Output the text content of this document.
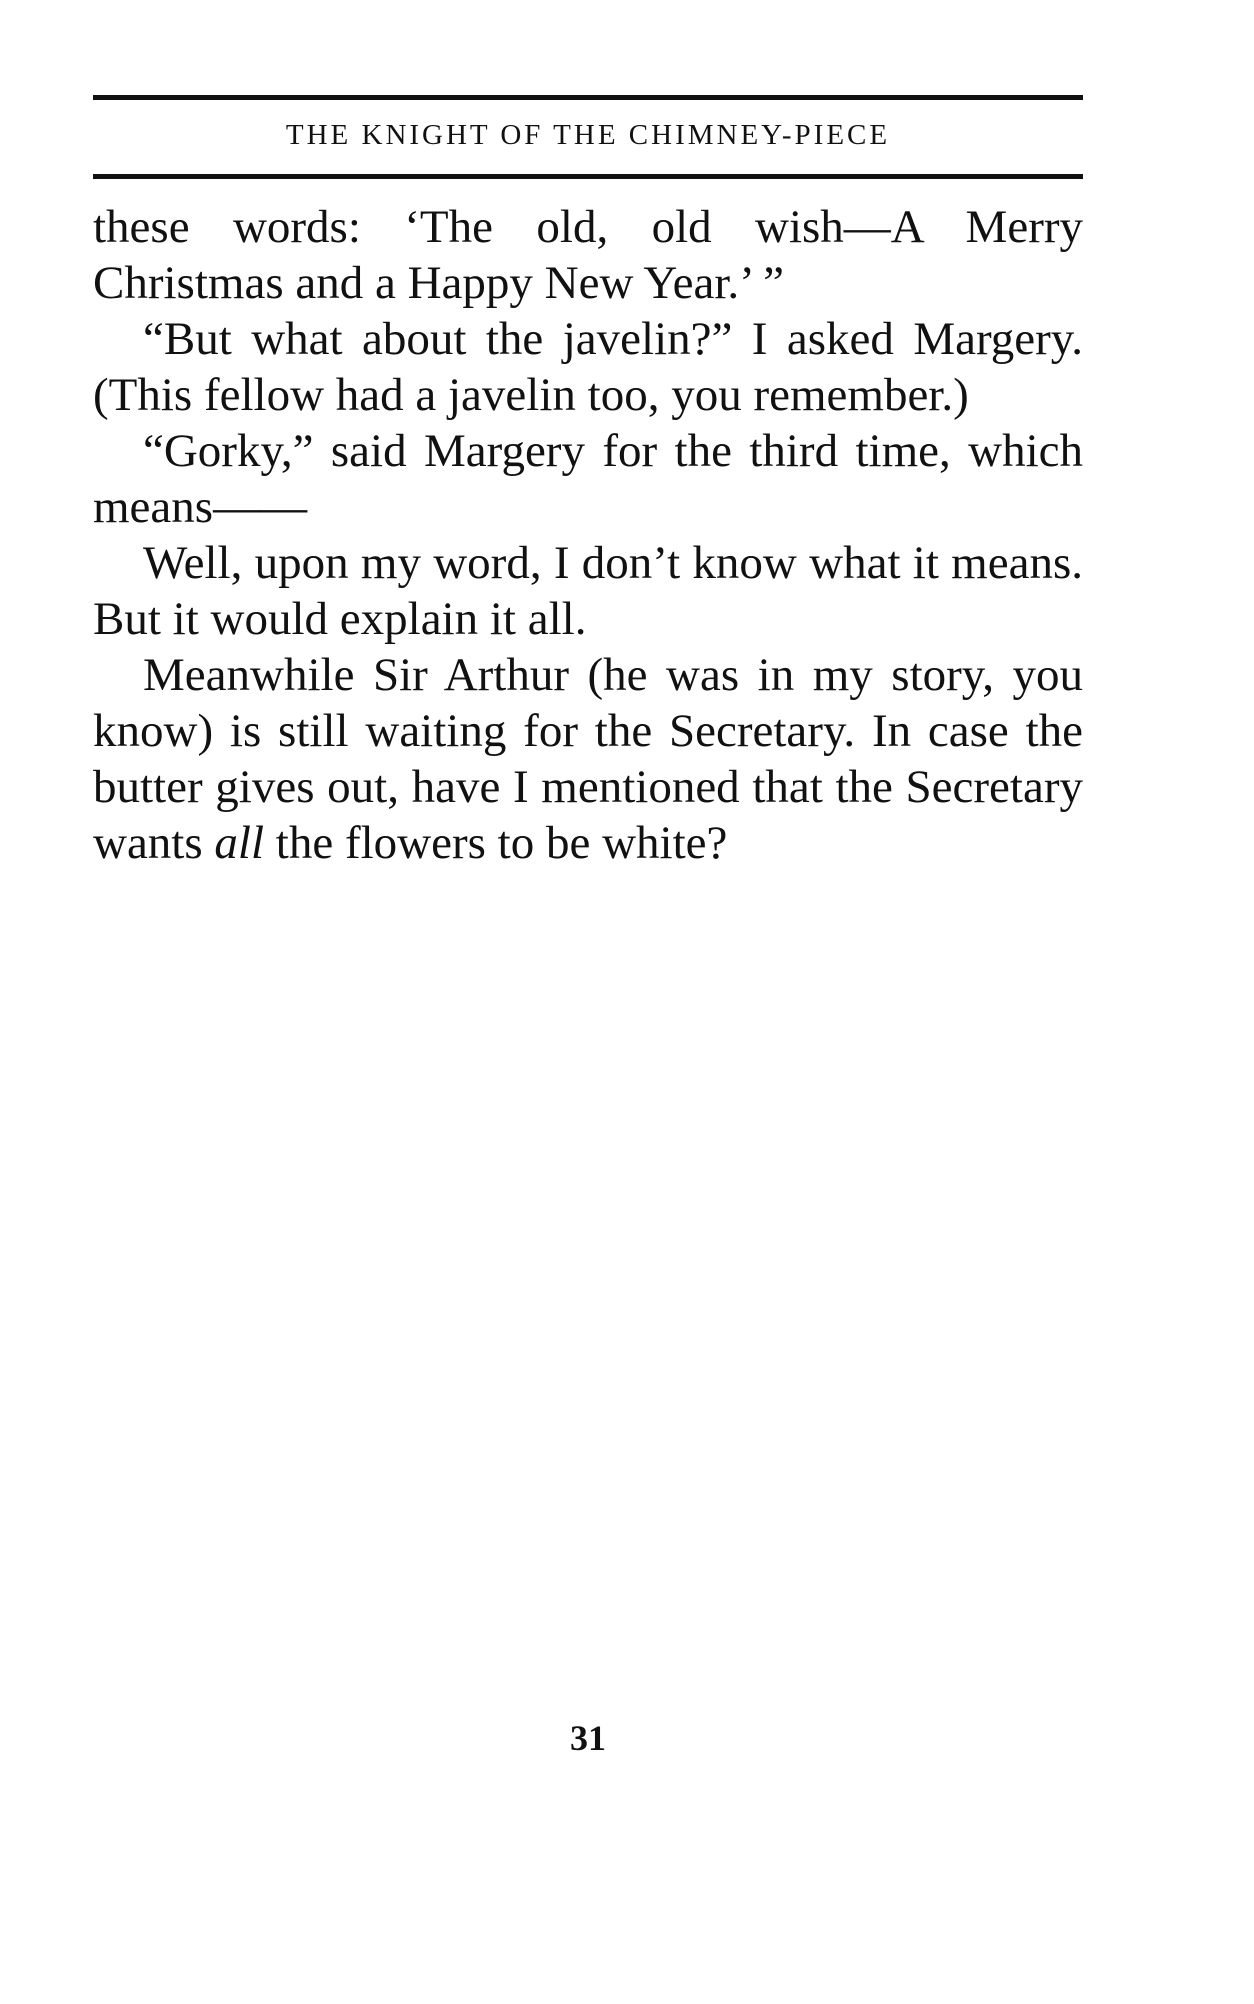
THE KNIGHT OF THE CHIMNEY-PIECE

these words: ‘The old, old wish—A Merry Christmas and a Happy New Year.’ ”

“But what about the javelin?” I asked Margery. (This fellow had a javelin too, you remember.)

“Gorky,” said Margery for the third time, which means——

Well, upon my word, I don’t know what it means. But it would explain it all.

Meanwhile Sir Arthur (he was in my story, you know) is still waiting for the Secretary. In case the butter gives out, have I mentioned that the Secretary wants all the flowers to be white?

31
